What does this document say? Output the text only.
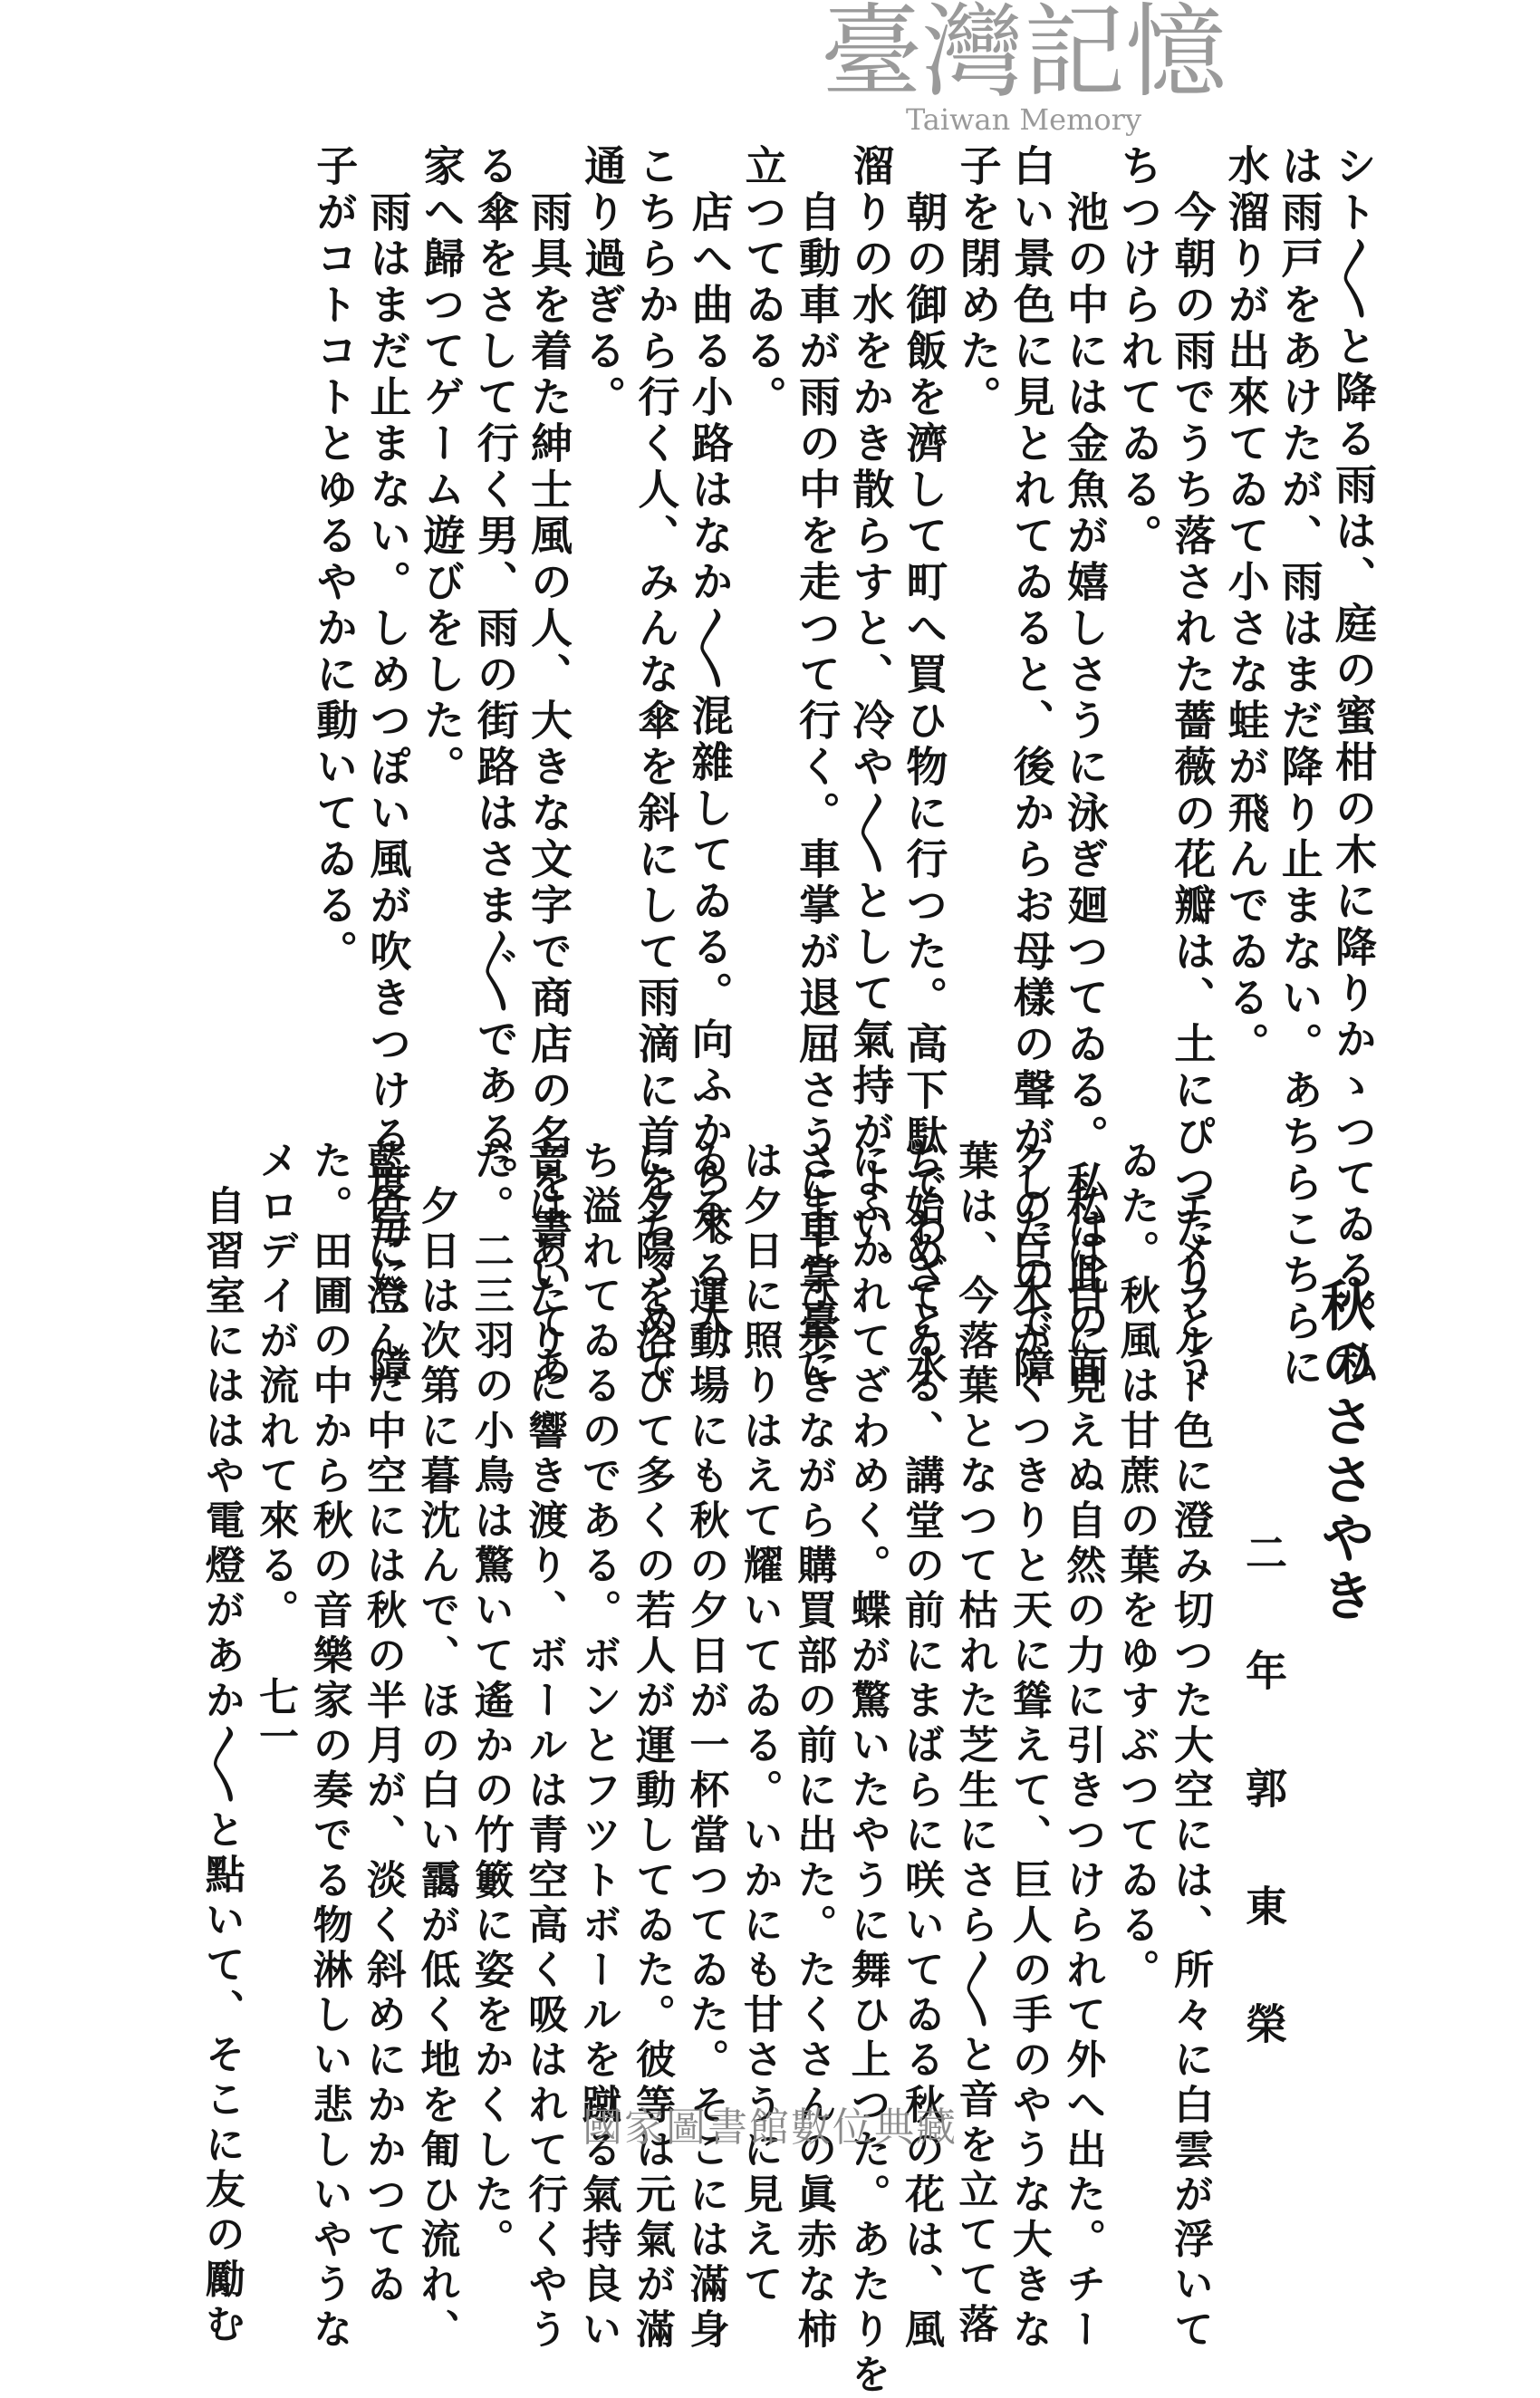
シト〳〵と降る雨は、庭の蜜柑の木に降りかゝつてゐる。私
は雨戸をあけたが、雨はまだ降り止まない。あちらこちらに
水溜りが出來てゐて小さな蛙が飛んでゐる。
　今朝の雨でうち落された薔薇の花瓣は、土にぴつたりとう
ちつけられてゐる。
　池の中には金魚が嬉しさうに泳ぎ廻つてゐる。私は此の面
白い景色に見とれてゐると、後からお母樣の聲がしたので障
子を閉めた。
　朝の御飯を濟して町へ買ひ物に行つた。高下駄でわざと水
溜りの水をかき散らすと、冷や〳〵として氣持がよい。
　自動車が雨の中を走つて行く。車掌が退屈さうに車掌臺に
立つてゐる。
　店へ曲る小路はなか〳〵混雜してゐる。向ふから來る人、
こちらから行く人、みんな傘を斜にして雨滴に首をちゞめて
通り過ぎる。
　雨具を着た紳士風の人、大きな文字で商店の名を書いてあ
る傘をさして行く男、雨の街路はさま〴〵である。
家へ歸つてゲーム遊びをした。
　雨はまだ止まない。しめつぽい風が吹きつける度毎に、障
子がコトコトとゆるやかに動いてゐる。
秋のささやき
二年郭東榮
　エメラルド色に澄み切つた大空には、所々に白雲が浮いて
ゐた。秋風は甘蔗の葉をゆすぶつてゐる。
　私は目に見えぬ自然の力に引きつけられて外へ出た。チー
クの巨木がくつきりと天に聳えて、巨人の手のやうな大きな
葉は、今落葉となつて枯れた芝生にさら〳〵と音を立てて落
ち始めてゐる、講堂の前にまばらに咲いてゐる秋の花は、風
にふかれてざわめく。蝶が驚いたやうに舞ひ上つた。あたりを
さまよひ歩きながら購買部の前に出た。たくさんの眞赤な柿
は夕日に照りはえて耀いてゐる。いかにも甘さうに見えて
ゐる。運動場にも秋の夕日が一杯當つてゐた。そこには滿身
に夕陽を浴びて多くの若人が運動してゐた。彼等は元氣が滿
ち溢れてゐるのである。ボンとフツトボールを蹴る氣持良い
音はあたりに響き渡り、ボールは青空高く吸はれて行くやう
だ。二三羽の小鳥は驚いて遙かの竹籔に姿をかくした。
　夕日は次第に暮沈んで、ほの白い靄が低く地を匍ひ流れ、
藍色に澄んだ中空には秋の半月が、淡く斜めにかかつてゐ
た。田圃の中から秋の音樂家の奏でる物淋しい悲しいやうな
メロデイが流れて來る。
　自習室にははや電燈があか〳〵と點いて、そこに友の勵む 七一
臺灣記憶
Taiwan Memory
國家圖書館數位典藏
